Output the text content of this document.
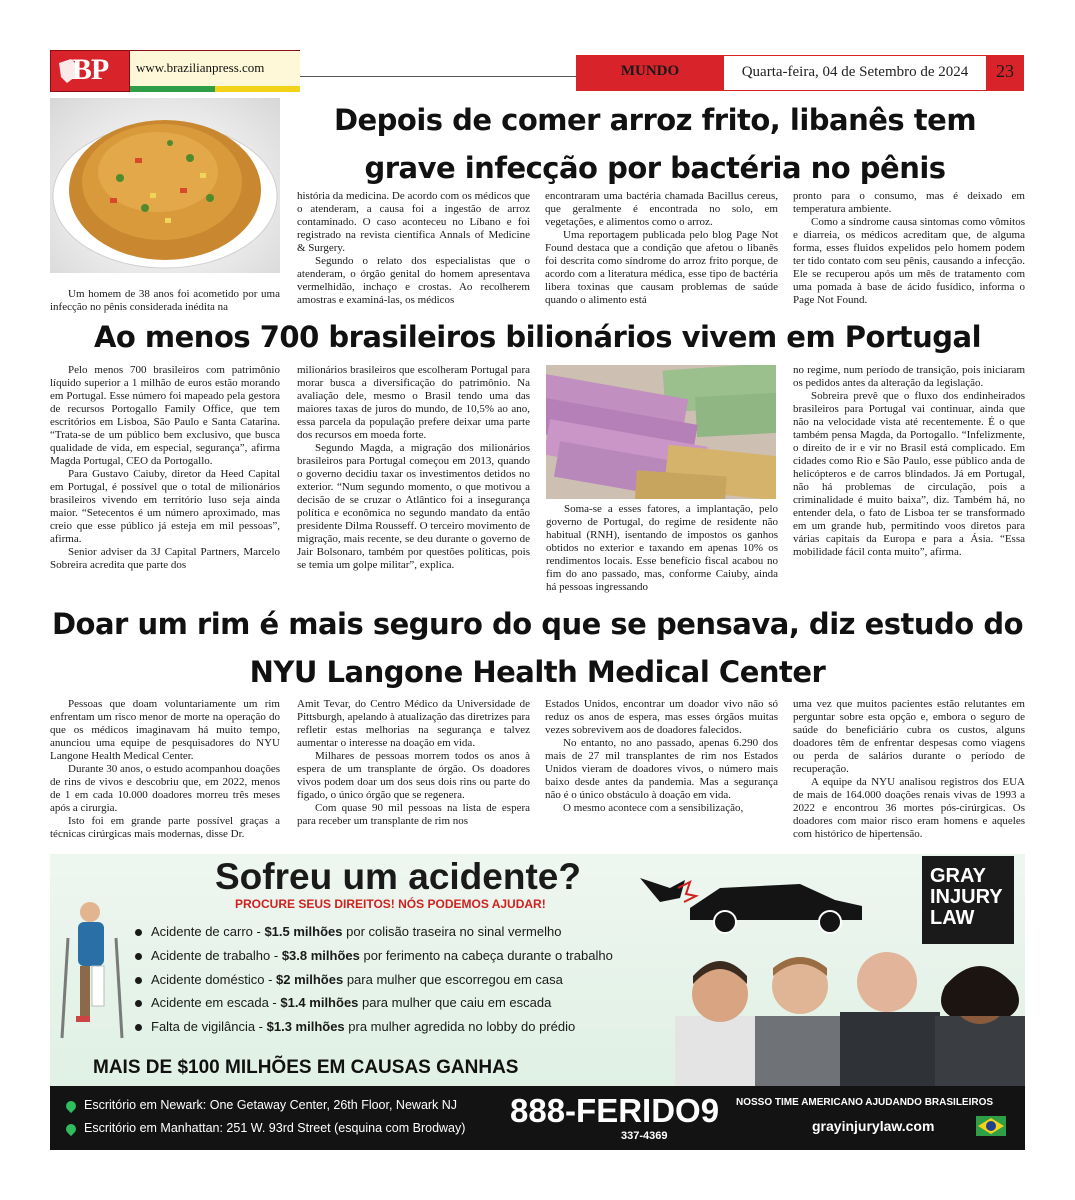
BP	www.brazilianpress.com	MUNDO	Quarta-feira, 04 de Setembro de 2024	23
Depois de comer arroz frito, libanês tem grave infecção por bactéria no pênis

Um homem de 38 anos foi acometido por uma infecção no pênis considerada inédita na

história da medicina. De acordo com os médicos que o atenderam, a causa foi a ingestão de arroz contaminado. O caso aconteceu no Líbano e foi registrado na revista científica Annals of Medicine & Surgery.

Segundo o relato dos especialistas que o atenderam, o órgão genital do homem apresentava vermelhidão, inchaço e crostas. Ao recolherem amostras e examiná-las, os médicos

encontraram uma bactéria chamada Bacillus cereus, que geralmente é encontrada no solo, em vegetações, e alimentos como o arroz.

Uma reportagem publicada pelo blog Page Not Found destaca que a condição que afetou o libanês foi descrita como síndrome do arroz frito porque, de acordo com a literatura médica, esse tipo de bactéria libera toxinas que causam problemas de saúde quando o alimento está

pronto para o consumo, mas é deixado em temperatura ambiente.

Como a síndrome causa sintomas como vômitos e diarreia, os médicos acreditam que, de alguma forma, esses fluidos expelidos pelo homem podem ter tido contato com seu pênis, causando a infecção. Ele se recuperou após um mês de tratamento com uma pomada à base de ácido fusídico, informa o Page Not Found.

Ao menos 700 brasileiros bilionários vivem em Portugal

Pelo menos 700 brasileiros com patrimônio líquido superior a 1 milhão de euros estão morando em Portugal. Esse número foi mapeado pela gestora de recursos Portogallo Family Office, que tem escritórios em Lisboa, São Paulo e Santa Catarina. “Trata-se de um público bem exclusivo, que busca qualidade de vida, em especial, segurança”, afirma Magda Portugal, CEO da Portogallo.

Para Gustavo Caiuby, diretor da Heed Capital em Portugal, é possível que o total de milionários brasileiros vivendo em território luso seja ainda maior. “Setecentos é um número aproximado, mas creio que esse público já esteja em mil pessoas”, afirma.

Senior adviser da 3J Capital Partners, Marcelo Sobreira acredita que parte dos

milionários brasileiros que escolheram Portugal para morar busca a diversificação do patrimônio. Na avaliação dele, mesmo o Brasil tendo uma das maiores taxas de juros do mundo, de 10,5% ao ano, essa parcela da população prefere deixar uma parte dos recursos em moeda forte.

Segundo Magda, a migração dos milionários brasileiros para Portugal começou em 2013, quando o governo decidiu taxar os investimentos detidos no exterior. “Num segundo momento, o que motivou a decisão de se cruzar o Atlântico foi a insegurança política e econômica no segundo mandato da então presidente Dilma Rousseff. O terceiro movimento de migração, mais recente, se deu durante o governo de Jair Bolsonaro, também por questões políticas, pois se temia um golpe militar”, explica.

Soma-se a esses fatores, a implantação, pelo governo de Portugal, do regime de residente não habitual (RNH), isentando de impostos os ganhos obtidos no exterior e taxando em apenas 10% os rendimentos locais. Esse benefício fiscal acabou no fim do ano passado, mas, conforme Caiuby, ainda há pessoas ingressando

no regime, num período de transição, pois iniciaram os pedidos antes da alteração da legislação.

Sobreira prevê que o fluxo dos endinheirados brasileiros para Portugal vai continuar, ainda que não na velocidade vista até recentemente. É o que também pensa Magda, da Portogallo. “Infelizmente, o direito de ir e vir no Brasil está complicado. Em cidades como Rio e São Paulo, esse público anda de helicópteros e de carros blindados. Já em Portugal, não há problemas de circulação, pois a criminalidade é muito baixa”, diz. Também há, no entender dela, o fato de Lisboa ter se transformado em um grande hub, permitindo voos diretos para várias capitais da Europa e para a Ásia. “Essa mobilidade fácil conta muito”, afirma.

Doar um rim é mais seguro do que se pensava, diz estudo do NYU Langone Health Medical Center

Pessoas que doam voluntariamente um rim enfrentam um risco menor de morte na operação do que os médicos imaginavam há muito tempo, anunciou uma equipe de pesquisadores do NYU Langone Health Medical Center.

Durante 30 anos, o estudo acompanhou doações de rins de vivos e descobriu que, em 2022, menos de 1 em cada 10.000 doadores morreu três meses após a cirurgia.

Isto foi em grande parte possível graças a técnicas cirúrgicas mais modernas, disse Dr.

Amit Tevar, do Centro Médico da Universidade de Pittsburgh, apelando à atualização das diretrizes para refletir estas melhorias na segurança e talvez aumentar o interesse na doação em vida.

Milhares de pessoas morrem todos os anos à espera de um transplante de órgão. Os doadores vivos podem doar um dos seus dois rins ou parte do fígado, o único órgão que se regenera.

Com quase 90 mil pessoas na lista de espera para receber um transplante de rim nos

Estados Unidos, encontrar um doador vivo não só reduz os anos de espera, mas esses órgãos muitas vezes sobrevivem aos de doadores falecidos.

No entanto, no ano passado, apenas 6.290 dos mais de 27 mil transplantes de rim nos Estados Unidos vieram de doadores vivos, o número mais baixo desde antes da pandemia. Mas a segurança não é o único obstáculo à doação em vida.

O mesmo acontece com a sensibilização,

uma vez que muitos pacientes estão relutantes em perguntar sobre esta opção e, embora o seguro de saúde do beneficiário cubra os custos, alguns doadores têm de enfrentar despesas como viagens ou perda de salários durante o período de recuperação.

A equipe da NYU analisou registros dos EUA de mais de 164.000 doações renais vivas de 1993 a 2022 e encontrou 36 mortes pós-cirúrgicas. Os doadores com maior risco eram homens e aqueles com histórico de hipertensão.

Sofreu um acidente?
PROCURE SEUS DIREITOS! NÓS PODEMOS AJUDAR!
Acidente de carro - $1.5 milhões por colisão traseira no sinal vermelho
Acidente de trabalho - $3.8 milhões por ferimento na cabeça durante o trabalho
Acidente doméstico - $2 milhões para mulher que escorregou em casa
Acidente em escada - $1.4 milhões para mulher que caiu em escada
Falta de vigilância - $1.3 milhões pra mulher agredida no lobby do prédio
MAIS DE $100 MILHÕES EM CAUSAS GANHAS
GRAY
INJURY
LAW
Escritório em Newark: One Getaway Center, 26th Floor, Newark NJ
Escritório em Manhattan: 251 W. 93rd Street (esquina com Brodway) 888-FERIDO9
337-4369
NOSSO TIME AMERICANO AJUDANDO BRASILEIROS
grayinjurylaw.com
